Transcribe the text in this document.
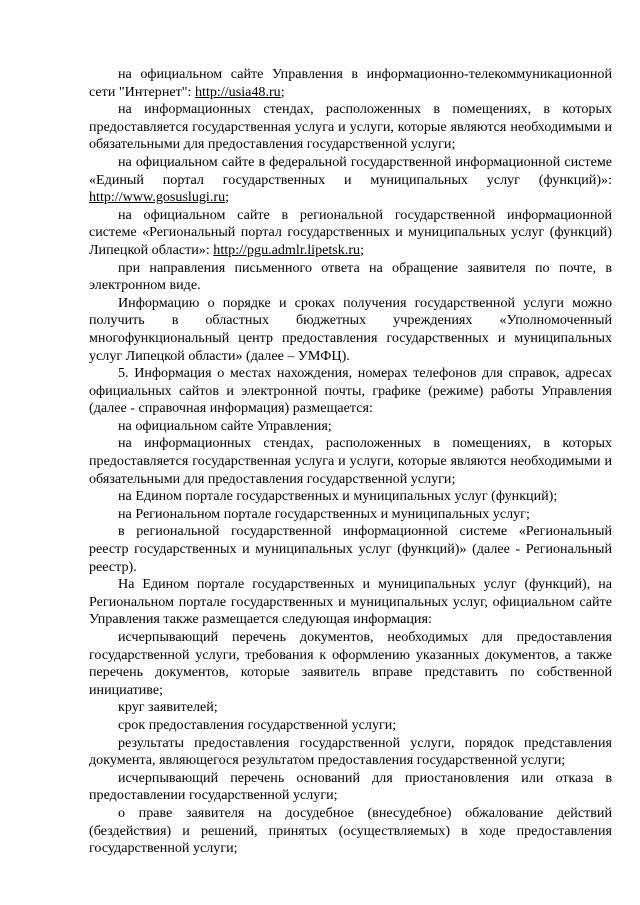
на официальном сайте Управления в информационно-телекоммуникационной сети "Интернет": http://usia48.ru;

на информационных стендах, расположенных в помещениях, в которых предоставляется государственная услуга и услуги, которые являются необходимыми и обязательными для предоставления государственной услуги;

на официальном сайте в федеральной государственной информационной системе «Единый портал государственных и муниципальных услуг (функций)»: http://www.gosuslugi.ru;

на официальном сайте в региональной государственной информационной системе «Региональный портал государственных и муниципальных услуг (функций) Липецкой области»: http://pgu.admlr.lipetsk.ru;

при направления письменного ответа на обращение заявителя по почте, в электронном виде.

Информацию о порядке и сроках получения государственной услуги можно получить в областных бюджетных учреждениях «Уполномоченный многофункциональный центр предоставления государственных и муниципальных услуг Липецкой области» (далее – УМФЦ).

5. Информация о местах нахождения, номерах телефонов для справок, адресах официальных сайтов и электронной почты, графике (режиме) работы Управления (далее - справочная информация) размещается:

на официальном сайте Управления;

на информационных стендах, расположенных в помещениях, в которых предоставляется государственная услуга и услуги, которые являются необходимыми и обязательными для предоставления государственной услуги;

на Едином портале государственных и муниципальных услуг (функций);

на Региональном портале государственных и муниципальных услуг;

в региональной государственной информационной системе «Региональный реестр государственных и муниципальных услуг (функций)» (далее - Региональный реестр).

На Едином портале государственных и муниципальных услуг (функций), на Региональном портале государственных и муниципальных услуг, официальном сайте Управления также размещается следующая информация:

исчерпывающий перечень документов, необходимых для предоставления государственной услуги, требования к оформлению указанных документов, а также перечень документов, которые заявитель вправе представить по собственной инициативе;

круг заявителей;

срок предоставления государственной услуги;

результаты предоставления государственной услуги, порядок представления документа, являющегося результатом предоставления государственной услуги;

исчерпывающий перечень оснований для приостановления или отказа в предоставлении государственной услуги;

о праве заявителя на досудебное (внесудебное) обжалование действий (бездействия) и решений, принятых (осуществляемых) в ходе предоставления государственной услуги;
